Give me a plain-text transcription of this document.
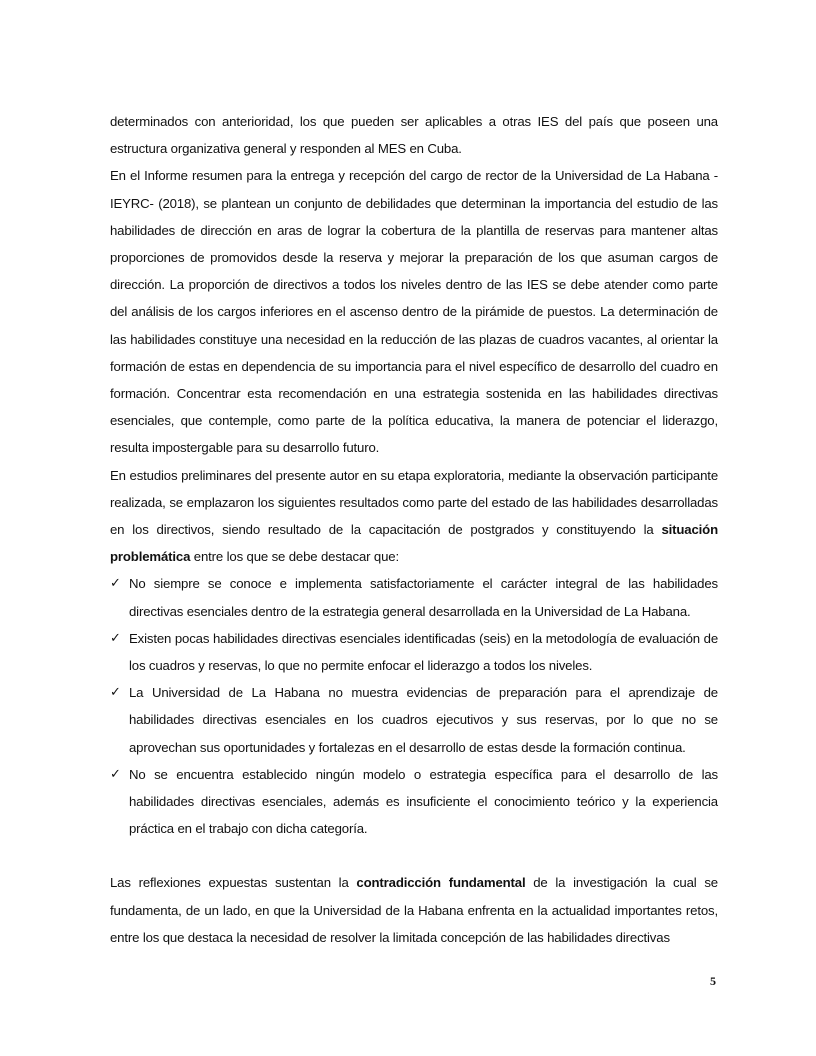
determinados con anterioridad, los que pueden ser aplicables a otras IES del país que poseen una estructura organizativa general y responden al MES en Cuba.

En el Informe resumen para la entrega y recepción del cargo de rector de la Universidad de La Habana -IEYRC- (2018), se plantean un conjunto de debilidades que determinan la importancia del estudio de las habilidades de dirección en aras de lograr la cobertura de la plantilla de reservas para mantener altas proporciones de promovidos desde la reserva y mejorar la preparación de los que asuman cargos de dirección. La proporción de directivos a todos los niveles dentro de las IES se debe atender como parte del análisis de los cargos inferiores en el ascenso dentro de la pirámide de puestos. La determinación de las habilidades constituye una necesidad en la reducción de las plazas de cuadros vacantes, al orientar la formación de estas en dependencia de su importancia para el nivel específico de desarrollo del cuadro en formación. Concentrar esta recomendación en una estrategia sostenida en las habilidades directivas esenciales, que contemple, como parte de la política educativa, la manera de potenciar el liderazgo, resulta impostergable para su desarrollo futuro.

En estudios preliminares del presente autor en su etapa exploratoria, mediante la observación participante realizada, se emplazaron los siguientes resultados como parte del estado de las habilidades desarrolladas en los directivos, siendo resultado de la capacitación de postgrados y constituyendo la situación problemática entre los que se debe destacar que:

✓ No siempre se conoce e implementa satisfactoriamente el carácter integral de las habilidades directivas esenciales dentro de la estrategia general desarrollada en la Universidad de La Habana.
✓ Existen pocas habilidades directivas esenciales identificadas (seis) en la metodología de evaluación de los cuadros y reservas, lo que no permite enfocar el liderazgo a todos los niveles.
✓ La Universidad de La Habana no muestra evidencias de preparación para el aprendizaje de habilidades directivas esenciales en los cuadros ejecutivos y sus reservas, por lo que no se aprovechan sus oportunidades y fortalezas en el desarrollo de estas desde la formación continua.
✓ No se encuentra establecido ningún modelo o estrategia específica para el desarrollo de las habilidades directivas esenciales, además es insuficiente el conocimiento teórico y la experiencia práctica en el trabajo con dicha categoría.

Las reflexiones expuestas sustentan la contradicción fundamental de la investigación la cual se fundamenta, de un lado, en que la Universidad de la Habana enfrenta en la actualidad importantes retos, entre los que destaca la necesidad de resolver la limitada concepción de las habilidades directivas

5
